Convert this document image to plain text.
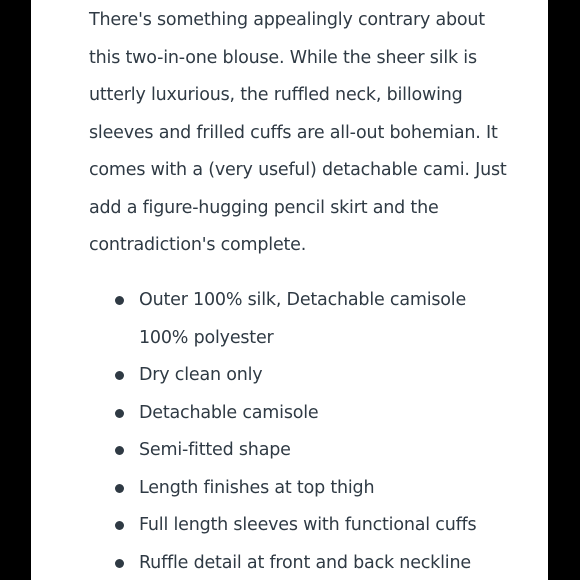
There's something appealingly contrary about
this two-in-one blouse. While the sheer silk is
utterly luxurious, the ruffled neck, billowing
sleeves and frilled cuffs are all-out bohemian. It
comes with a (very useful) detachable cami. Just
add a figure-hugging pencil skirt and the
contradiction's complete.

Outer 100% silk, Detachable camisole
100% polyester
Dry clean only
Detachable camisole
Semi-fitted shape
Length finishes at top thigh
Full length sleeves with functional cuffs
Ruffle detail at front and back neckline
